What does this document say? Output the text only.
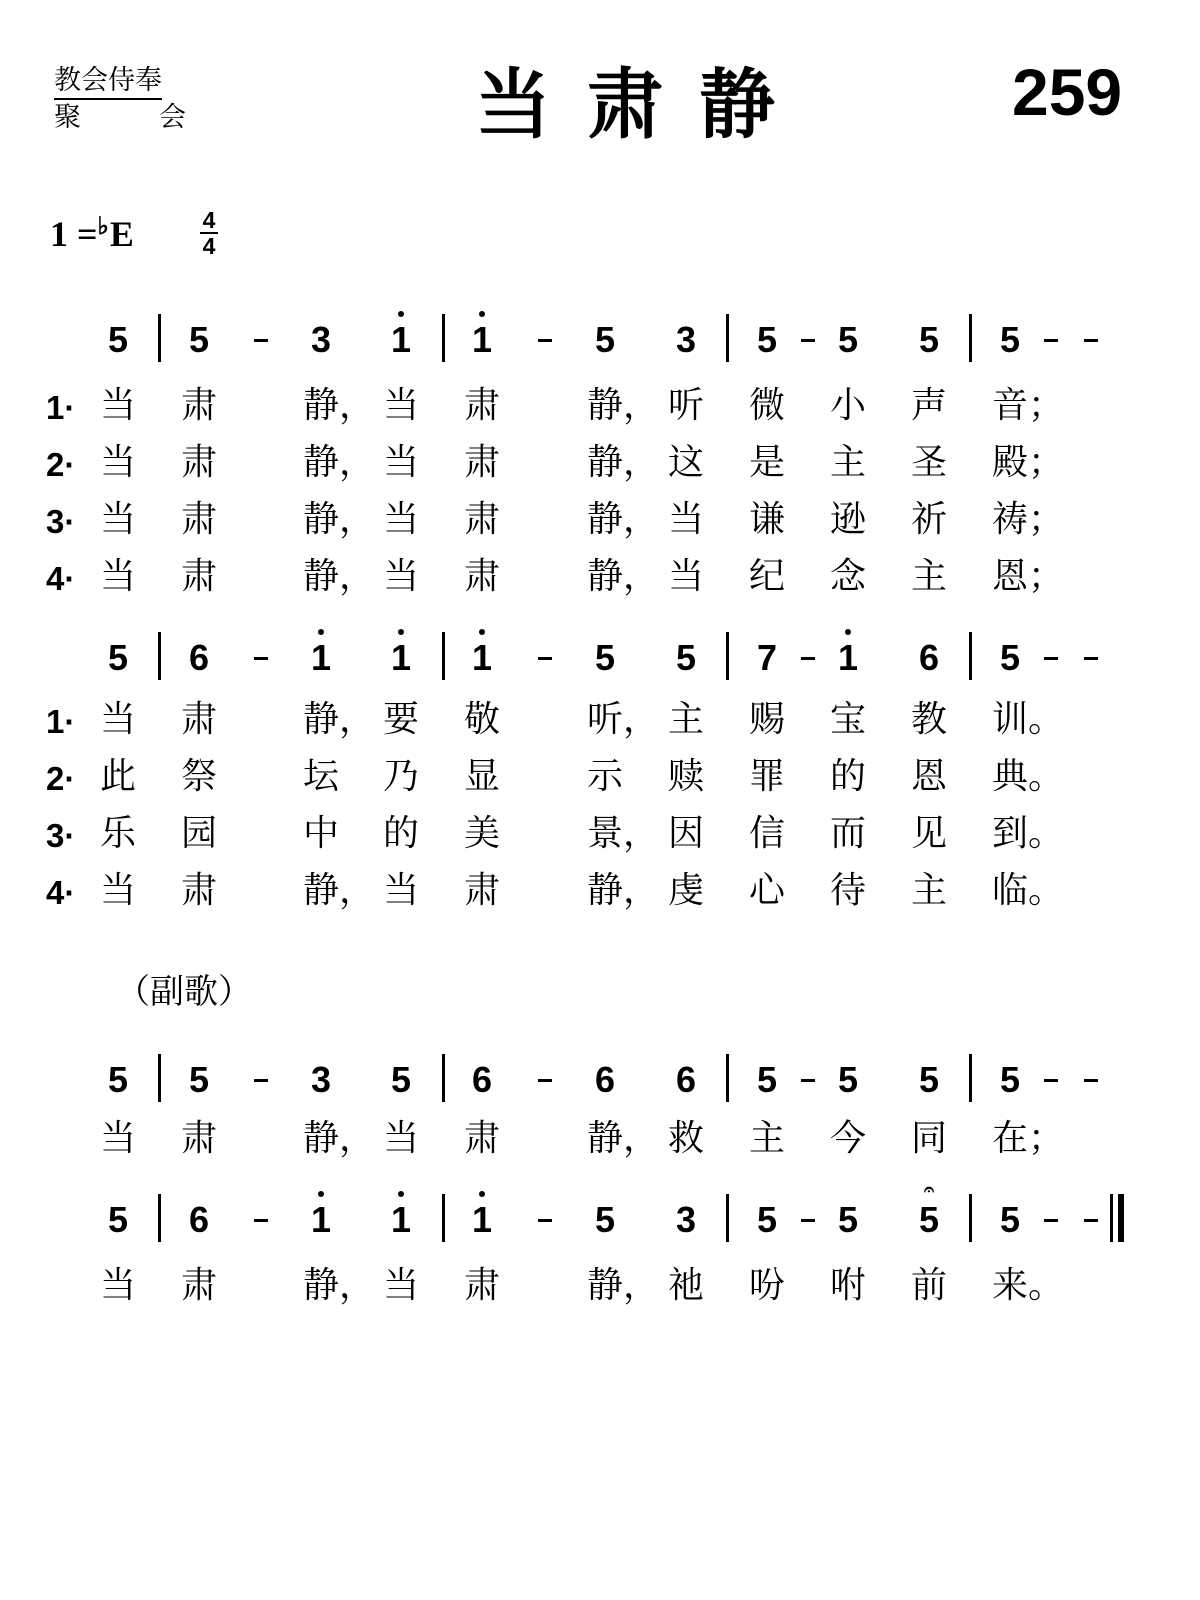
教会侍奉
聚	会	当肃静	259
1 =♭E	$\frac{4}{4}$
5 5	3 1 1	5 3 5 5 5 5
1· 当 肃 静 ， 当 肃 静 ， 听 微 小 声 音 ；
2· 当 肃 静 ， 当 肃 静 ， 这 是 主 圣 殿 ；
3· 当 肃 静 ， 当 肃 静 ， 当 谦 逊 祈 祷 ；
4· 当 肃 静 ， 当 肃 静 ， 当 纪 念 主 恩 ；
5 6	1 1 1	5 5 7 1 6 5
1· 当 肃 静 ， 要 敬 听 ， 主 赐 宝 教 训 。
2· 此 祭 坛 乃 显 示 赎 罪 的 恩 典 。
3· 乐 园 中 的 美 景 ， 因 信 而 见 到 。
4· 当 肃 静 ， 当 肃 静 ， 虔 心 待 主 临 。
（副歌）
5 5	3 5 6	6 6 5 5 5 5
当 肃 静 ， 当 肃 静 ， 救 主 今 同 在 ；
5 6	1 1 1	5 3 5 5
𝄐
5 5
当 肃 静 ， 当 肃 静 ， 祂 吩 咐 前 来 。
